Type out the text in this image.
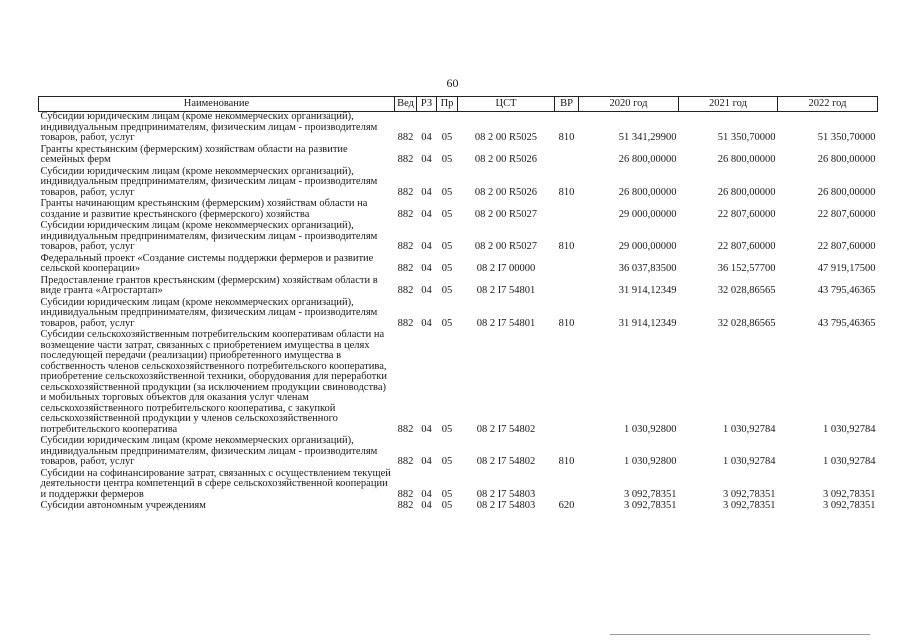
60
Наименование	Вед	РЗ	Пр	ЦСТ	ВР	2020 год	2021 год	2022 год
Субсидии юридическим лицам (кроме некоммерческих организаций), индивидуальным предпринимателям, физическим лицам - производителям товаров, работ, услуг	882	04	05	08 2 00 R5025	810	51 341,29900	51 350,70000	51 350,70000
Гранты крестьянским (фермерским) хозяйствам области на развитие семейных ферм	882	04	05	08 2 00 R5026		26 800,00000	26 800,00000	26 800,00000
Субсидии юридическим лицам (кроме некоммерческих организаций), индивидуальным предпринимателям, физическим лицам - производителям товаров, работ, услуг	882	04	05	08 2 00 R5026	810	26 800,00000	26 800,00000	26 800,00000
Гранты начинающим крестьянским (фермерским) хозяйствам области на создание и развитие крестьянского (фермерского) хозяйства	882	04	05	08 2 00 R5027		29 000,00000	22 807,60000	22 807,60000
Субсидии юридическим лицам (кроме некоммерческих организаций), индивидуальным предпринимателям, физическим лицам - производителям товаров, работ, услуг	882	04	05	08 2 00 R5027	810	29 000,00000	22 807,60000	22 807,60000
Федеральный проект «Создание системы поддержки фермеров и развитие сельской кооперации»	882	04	05	08 2 I7 00000		36 037,83500	36 152,57700	47 919,17500
Предоставление грантов крестьянским (фермерским) хозяйствам области в виде гранта «Агростартап»	882	04	05	08 2 I7 54801		31 914,12349	32 028,86565	43 795,46365
Субсидии юридическим лицам (кроме некоммерческих организаций), индивидуальным предпринимателям, физическим лицам - производителям товаров, работ, услуг	882	04	05	08 2 I7 54801	810	31 914,12349	32 028,86565	43 795,46365
Субсидии сельскохозяйственным потребительским кооперативам области на возмещение части затрат, связанных с приобретением имущества в целях последующей передачи (реализации) приобретенного имущества в собственность членов сельскохозяйственного потребительского кооператива, приобретение сельскохозяйственной техники, оборудования для переработки сельскохозяйственной продукции (за исключением продукции свиноводства) и мобильных торговых объектов для оказания услуг членам сельскохозяйственного потребительского кооператива, с закупкой сельскохозяйственной продукции у членов сельскохозяйственного потребительского кооператива	882	04	05	08 2 I7 54802		1 030,92800	1 030,92784	1 030,92784
Субсидии юридическим лицам (кроме некоммерческих организаций), индивидуальным предпринимателям, физическим лицам - производителям товаров, работ, услуг	882	04	05	08 2 I7 54802	810	1 030,92800	1 030,92784	1 030,92784
Субсидии на софинансирование затрат, связанных с осуществлением текущей деятельности центра компетенций в сфере сельскохозяйственной кооперации и поддержки фермеров	882	04	05	08 2 I7 54803		3 092,78351	3 092,78351	3 092,78351
Субсидии автономным учреждениям	882	04	05	08 2 I7 54803	620	3 092,78351	3 092,78351	3 092,78351
